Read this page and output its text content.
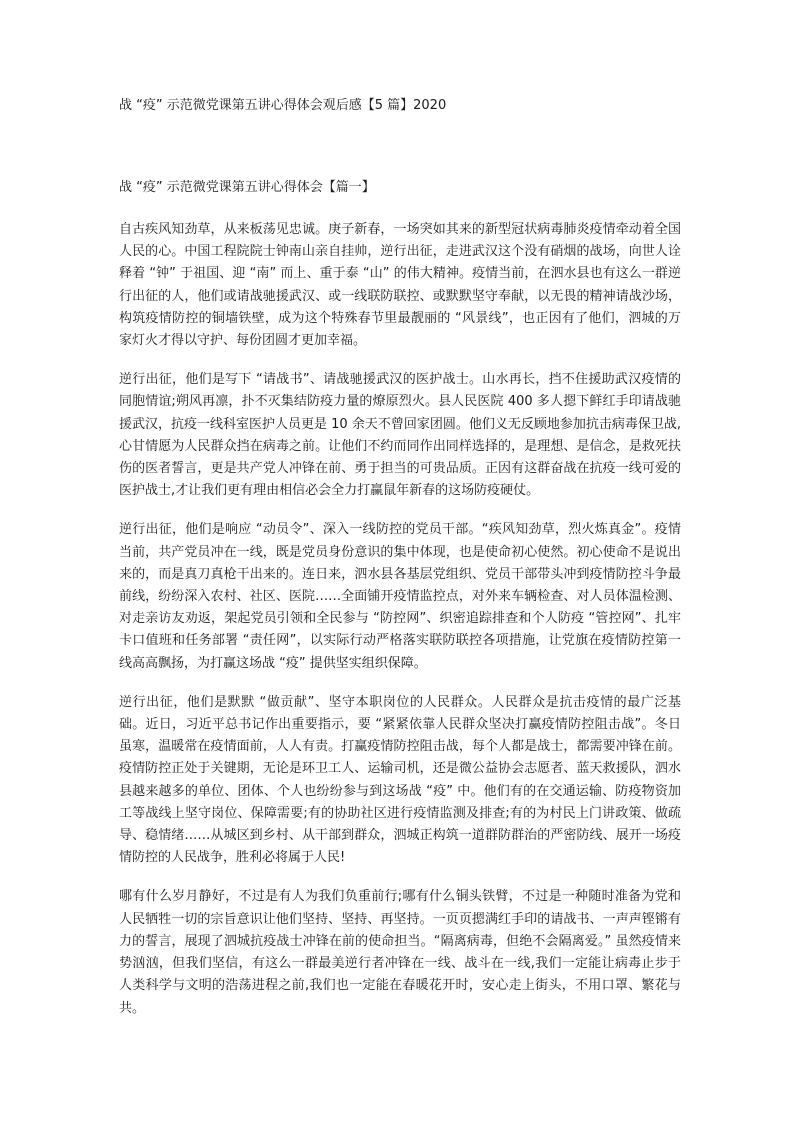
战 “疫” 示范微党课第五讲心得体会观后感【5 篇】2020
战 “疫” 示范微党课第五讲心得体会【篇一】

自古疾风知劲草，从来板荡见忠诚。庚子新春，一场突如其来的新型冠状病毒肺炎疫情牵动着全国人民的心。中国工程院院士钟南山亲自挂帅，逆行出征，走进武汉这个没有硝烟的战场，向世人诠释着 “钟” 于祖国、迎 “南” 而上、重于泰 “山” 的伟大精神。疫情当前，在泗水县也有这么一群逆行出征的人，他们或请战驰援武汉、或一线联防联控、或默默坚守奉献，以无畏的精神请战沙场，构筑疫情防控的铜墙铁壁，成为这个特殊春节里最靓丽的 “风景线”，也正因有了他们，泗城的万家灯火才得以守护、每份团圆才更加幸福。

逆行出征，他们是写下 “请战书”、请战驰援武汉的医护战士。山水再长，挡不住援助武汉疫情的同胞情谊;朔风再凛，扑不灭集结防疫力量的燎原烈火。县人民医院 400 多人摁下鲜红手印请战驰援武汉，抗疫一线科室医护人员更是 10 余天不曾回家团圆。他们义无反顾地参加抗击病毒保卫战,心甘情愿为人民群众挡在病毒之前。让他们不约而同作出同样选择的，是理想、是信念，是救死扶伤的医者誓言，更是共产党人冲锋在前、勇于担当的可贵品质。正因有这群奋战在抗疫一线可爱的医护战士,才让我们更有理由相信必会全力打赢鼠年新春的这场防疫硬仗。

逆行出征，他们是响应 “动员令”、深入一线防控的党员干部。“疾风知劲草，烈火炼真金”。疫情当前，共产党员冲在一线，既是党员身份意识的集中体现，也是使命初心使然。初心使命不是说出来的，而是真刀真枪干出来的。连日来，泗水县各基层党组织、党员干部带头冲到疫情防控斗争最前线，纷纷深入农村、社区、医院……全面铺开疫情监控点，对外来车辆检查、对人员体温检测、对走亲访友劝返，架起党员引领和全民参与 “防控网”、织密追踪排查和个人防疫 “管控网”、扎牢卡口值班和任务部署 “责任网”，以实际行动严格落实联防联控各项措施，让党旗在疫情防控第一线高高飘扬，为打赢这场战 “疫” 提供坚实组织保障。

逆行出征，他们是默默 “做贡献”、坚守本职岗位的人民群众。人民群众是抗击疫情的最广泛基础。近日，习近平总书记作出重要指示，要 “紧紧依靠人民群众坚决打赢疫情防控阻击战”。冬日虽寒，温暖常在疫情面前，人人有责。打赢疫情防控阻击战，每个人都是战士，都需要冲锋在前。疫情防控正处于关键期，无论是环卫工人、运输司机，还是微公益协会志愿者、蓝天救援队，泗水县越来越多的单位、团体、个人也纷纷参与到这场战 “疫” 中。他们有的在交通运输、防疫物资加工等战线上坚守岗位、保障需要;有的协助社区进行疫情监测及排查;有的为村民上门讲政策、做疏导、稳情绪……从城区到乡村、从干部到群众，泗城正构筑一道群防群治的严密防线、展开一场疫情防控的人民战争，胜利必将属于人民!

哪有什么岁月静好，不过是有人为我们负重前行;哪有什么铜头铁臂，不过是一种随时准备为党和人民牺牲一切的宗旨意识让他们坚持、坚持、再坚持。一页页摁满红手印的请战书、一声声铿锵有力的誓言，展现了泗城抗疫战士冲锋在前的使命担当。“隔离病毒，但绝不会隔离爱。” 虽然疫情来势汹汹，但我们坚信，有这么一群最美逆行者冲锋在一线、战斗在一线,我们一定能让病毒止步于人类科学与文明的浩荡进程之前,我们也一定能在春暖花开时，安心走上街头，不用口罩、繁花与共。
